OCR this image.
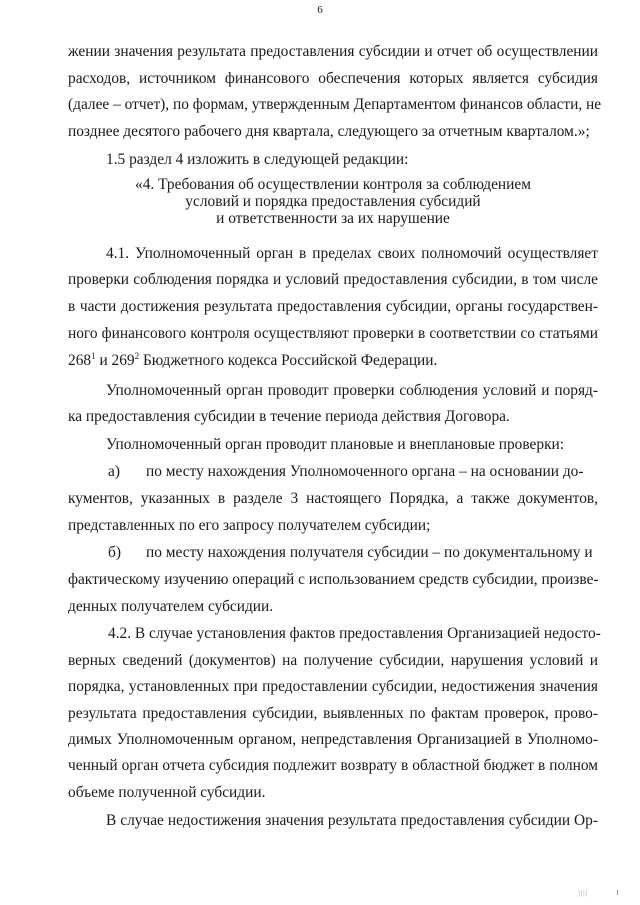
6
жении значения результата предоставления субсидии и отчет об осуществлении
расходов, источником финансового обеспечения которых является субсидия
(далее – отчет), по формам, утвержденным Департаментом финансов области, не
позднее десятого рабочего дня квартала, следующего за отчетным кварталом.»;
1.5 раздел 4 изложить в следующей редакции:
«4. Требования об осуществлении контроля за соблюдением
условий и порядка предоставления субсидий
и ответственности за их нарушение
4.1. Уполномоченный орган в пределах своих полномочий осуществляет
проверки соблюдения порядка и условий предоставления субсидии, в том числе
в части достижения результата предоставления субсидии, органы государствен-
ного финансового контроля осуществляют проверки в соответствии со статьями
$268^1$ и $269^2$ Бюджетного кодекса Российской Федерации.
Уполномоченный орган проводит проверки соблюдения условий и поряд-
ка предоставления субсидии в течение периода действия Договора.
Уполномоченный орган проводит плановые и внеплановые проверки:
а) по месту нахождения Уполномоченного органа – на основании до-
кументов, указанных в разделе 3 настоящего Порядка, а также документов,
представленных по его запросу получателем субсидии;
б) по месту нахождения получателя субсидии – по документальному и
фактическому изучению операций с использованием средств субсидии, произве-
денных получателем субсидии.
4.2. В случае установления фактов предоставления Организацией недосто-
верных сведений (документов) на получение субсидии, нарушения условий и
порядка, установленных при предоставлении субсидии, недостижения значения
результата предоставления субсидии, выявленных по фактам проверок, прово-
димых Уполномоченным органом, непредставления Организацией в Уполномо-
ченный орган отчета субсидия подлежит возврату в областной бюджет в полном
объеме полученной субсидии.
В случае недостижения значения результата предоставления субсидии Ор-
||||
